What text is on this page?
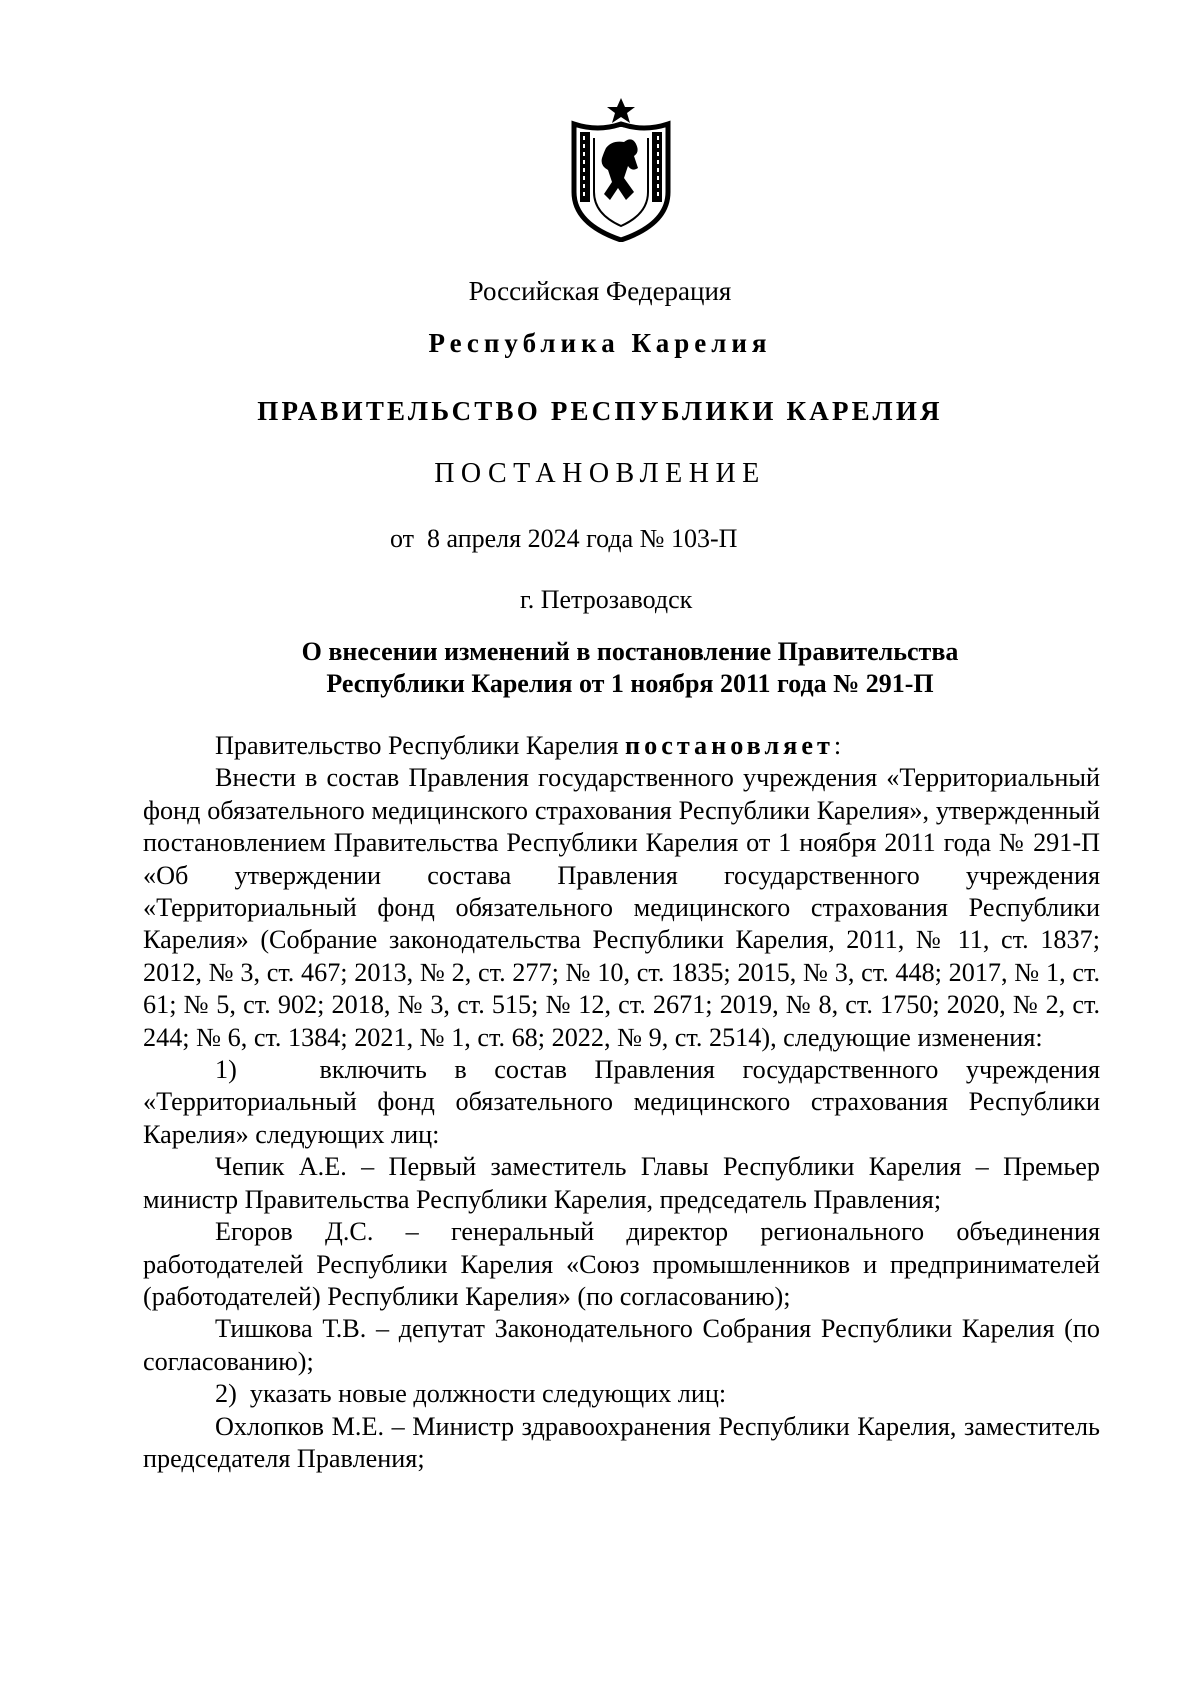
Российская Федерация
Республика Карелия
ПРАВИТЕЛЬСТВО РЕСПУБЛИКИ КАРЕЛИЯ
ПОСТАНОВЛЕНИЕ
от  8 апреля 2024 года № 103-П
г. Петрозаводск
О внесении изменений в постановление Правительства
Республики Карелия от 1 ноября 2011 года № 291-П

Правительство Республики Карелия постановляет:

Внести в состав Правления государственного учреждения «Территориальный фонд обязательного медицинского страхования Республики Карелия», утвержденный постановлением Правительства Республики Карелия от 1 ноября 2011 года № 291-П «Об утверждении состава Правления государственного учреждения «Территориальный фонд обязательного медицинского страхования Республики Карелия» (Собрание законодательства Республики Карелия, 2011, № 11, ст. 1837; 2012, № 3, ст. 467; 2013, № 2, ст. 277; № 10, ст. 1835; 2015, № 3, ст. 448; 2017, № 1, ст. 61; № 5, ст. 902; 2018, № 3, ст. 515; № 12, ст. 2671; 2019, № 8, ст. 1750; 2020, № 2, ст. 244; № 6, ст. 1384; 2021, № 1, ст. 68; 2022, № 9, ст. 2514), следующие изменения:

1)   включить в состав Правления государственного учреждения «Территориальный фонд обязательного медицинского страхования Республики Карелия» следующих лиц:

Чепик А.Е. – Первый заместитель Главы Республики Карелия – Премьер министр Правительства Республики Карелия, председатель Правления;

Егоров Д.С. – генеральный директор регионального объединения работодателей Республики Карелия «Союз промышленников и предпринимателей (работодателей) Республики Карелия» (по согласованию);

Тишкова Т.В. – депутат Законодательного Собрания Республики Карелия (по согласованию);

2)  указать новые должности следующих лиц:

Охлопков М.Е. – Министр здравоохранения Республики Карелия, заместитель председателя Правления;
